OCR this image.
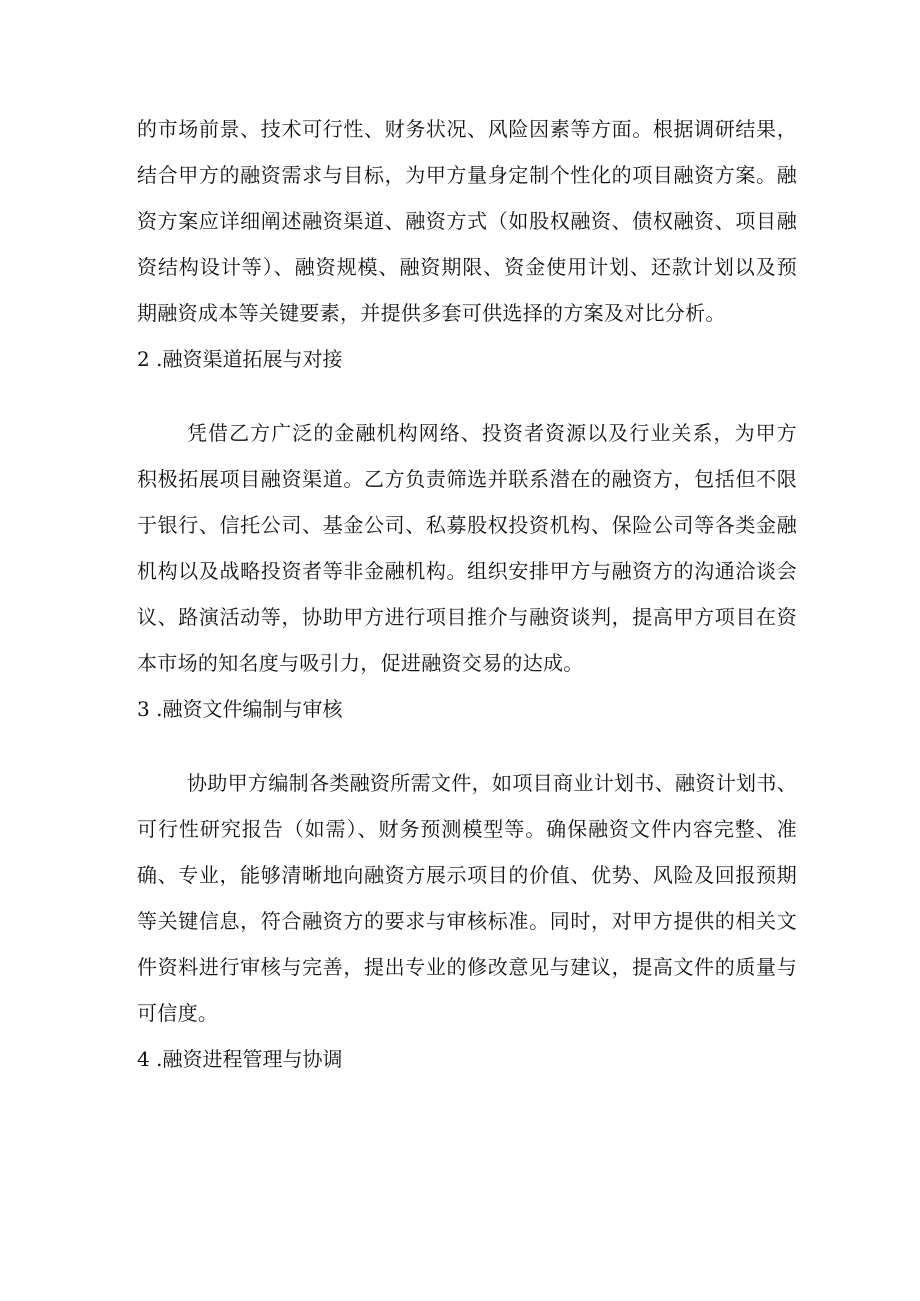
的市场前景、技术可行性、财务状况、风险因素等方面。根据调研结果，
结合甲方的融资需求与目标，为甲方量身定制个性化的项目融资方案。融
资方案应详细阐述融资渠道、融资方式（如股权融资、债权融资、项目融
资结构设计等）、融资规模、融资期限、资金使用计划、还款计划以及预
期融资成本等关键要素，并提供多套可供选择的方案及对比分析。
2 .融资渠道拓展与对接
凭借乙方广泛的金融机构网络、投资者资源以及行业关系，为甲方
积极拓展项目融资渠道。乙方负责筛选并联系潜在的融资方，包括但不限
于银行、信托公司、基金公司、私募股权投资机构、保险公司等各类金融
机构以及战略投资者等非金融机构。组织安排甲方与融资方的沟通洽谈会
议、路演活动等，协助甲方进行项目推介与融资谈判，提高甲方项目在资
本市场的知名度与吸引力，促进融资交易的达成。
3 .融资文件编制与审核
协助甲方编制各类融资所需文件，如项目商业计划书、融资计划书、
可行性研究报告（如需）、财务预测模型等。确保融资文件内容完整、准
确、专业，能够清晰地向融资方展示项目的价值、优势、风险及回报预期
等关键信息，符合融资方的要求与审核标准。同时，对甲方提供的相关文
件资料进行审核与完善，提出专业的修改意见与建议，提高文件的质量与
可信度。
4 .融资进程管理与协调
